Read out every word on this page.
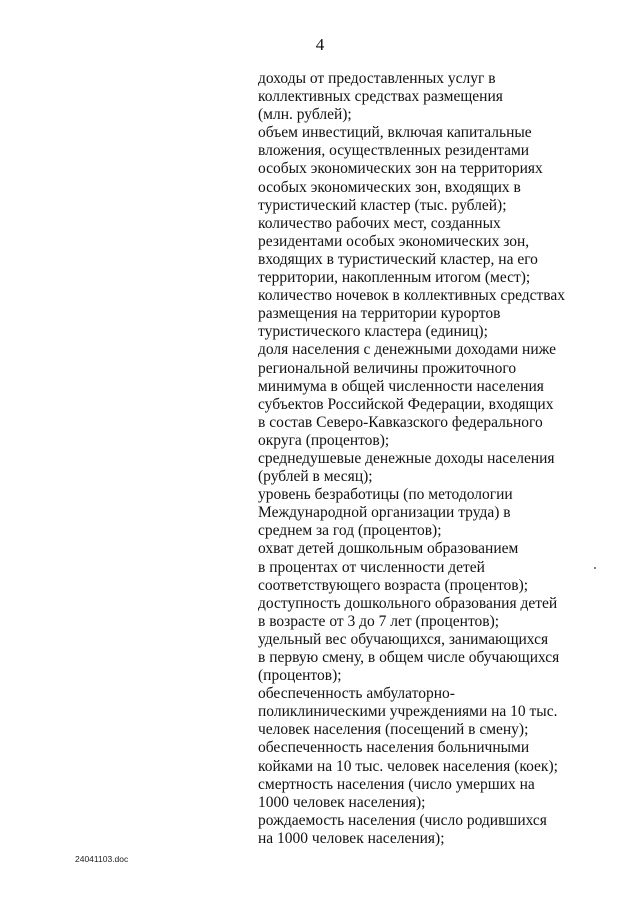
4
доходы от предоставленных услуг в
коллективных средствах размещения
(млн. рублей);
объем инвестиций, включая капитальные
вложения, осуществленных резидентами
особых экономических зон на территориях
особых экономических зон, входящих в
туристический кластер (тыс. рублей);
количество рабочих мест, созданных
резидентами особых экономических зон,
входящих в туристический кластер, на его
территории, накопленным итогом (мест);
количество ночевок в коллективных средствах
размещения на территории курортов
туристического кластера (единиц);
доля населения с денежными доходами ниже
региональной величины прожиточного
минимума в общей численности населения
субъектов Российской Федерации, входящих
в состав Северо-Кавказского федерального
округа (процентов);
среднедушевые денежные доходы населения
(рублей в месяц);
уровень безработицы (по методологии
Международной организации труда) в
среднем за год (процентов);
охват детей дошкольным образованием
в процентах от численности детей
соответствующего возраста (процентов);
доступность дошкольного образования детей
в возрасте от 3 до 7 лет (процентов);
удельный вес обучающихся, занимающихся
в первую смену, в общем числе обучающихся
(процентов);
обеспеченность амбулаторно-
поликлиническими учреждениями на 10 тыс.
человек населения (посещений в смену);
обеспеченность населения больничными
койками на 10 тыс. человек населения (коек);
смертность населения (число умерших на
1000 человек населения);
рождаемость населения (число родившихся
на 1000 человек населения);
24041103.doc
